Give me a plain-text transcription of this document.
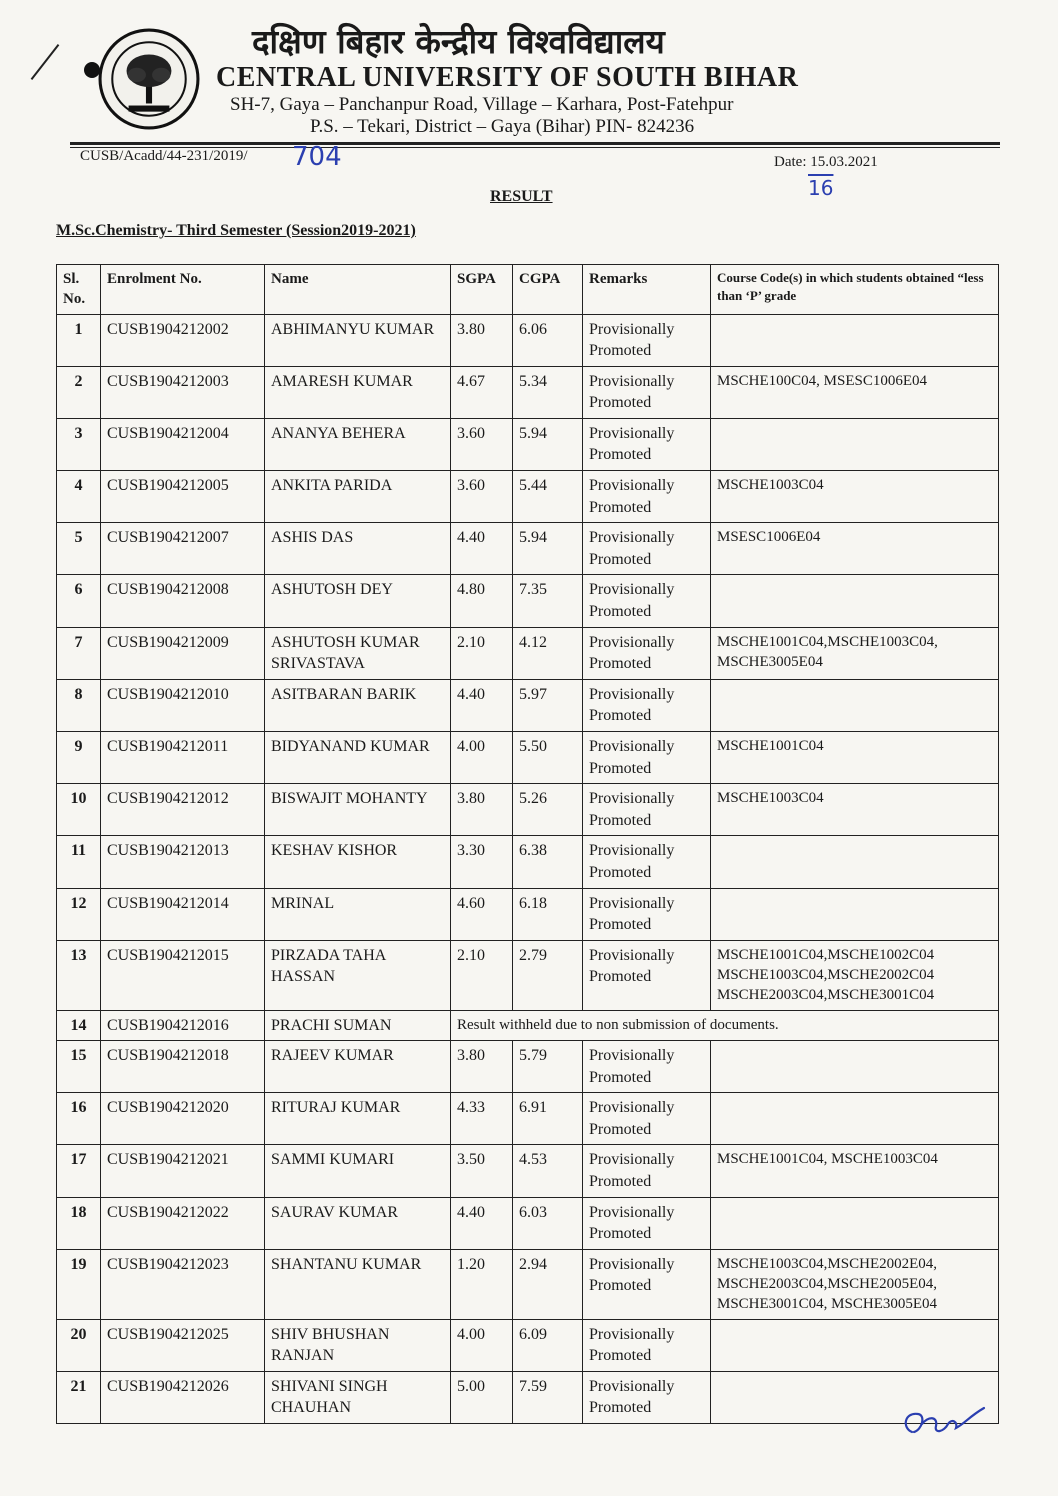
दक्षिण बिहार केन्द्रीय विश्वविद्यालय
CENTRAL UNIVERSITY OF SOUTH BIHAR
SH-7, Gaya – Panchanpur Road, Village – Karhara, Post-Fatehpur
P.S. – Tekari, District – Gaya (Bihar) PIN- 824236
CUSB/Acadd/44-231/2019/ 704	Date: 15.03.2021
16
RESULT
M.Sc.Chemistry- Third Semester (Session2019-2021)
Sl. No.	Enrolment No.	Name	SGPA	CGPA	Remarks	Course Code(s) in which students obtained “less than ‘P’ grade
1	CUSB1904212002	ABHIMANYU KUMAR	3.80	6.06	Provisionally Promoted	
2	CUSB1904212003	AMARESH KUMAR	4.67	5.34	Provisionally Promoted	MSCHE100C04, MSESC1006E04
3	CUSB1904212004	ANANYA BEHERA	3.60	5.94	Provisionally Promoted	
4	CUSB1904212005	ANKITA PARIDA	3.60	5.44	Provisionally Promoted	MSCHE1003C04
5	CUSB1904212007	ASHIS DAS	4.40	5.94	Provisionally Promoted	MSESC1006E04
6	CUSB1904212008	ASHUTOSH DEY	4.80	7.35	Provisionally Promoted	
7	CUSB1904212009	ASHUTOSH KUMAR SRIVASTAVA	2.10	4.12	Provisionally Promoted	MSCHE1001C04,MSCHE1003C04, MSCHE3005E04
8	CUSB1904212010	ASITBARAN BARIK	4.40	5.97	Provisionally Promoted	
9	CUSB1904212011	BIDYANAND KUMAR	4.00	5.50	Provisionally Promoted	MSCHE1001C04
10	CUSB1904212012	BISWAJIT MOHANTY	3.80	5.26	Provisionally Promoted	MSCHE1003C04
11	CUSB1904212013	KESHAV KISHOR	3.30	6.38	Provisionally Promoted	
12	CUSB1904212014	MRINAL	4.60	6.18	Provisionally Promoted	
13	CUSB1904212015	PIRZADA TAHA HASSAN	2.10	2.79	Provisionally Promoted	MSCHE1001C04,MSCHE1002C04 MSCHE1003C04,MSCHE2002C04 MSCHE2003C04,MSCHE3001C04
14	CUSB1904212016	PRACHI SUMAN	Result withheld due to non submission of documents.			
15	CUSB1904212018	RAJEEV KUMAR	3.80	5.79	Provisionally Promoted	
16	CUSB1904212020	RITURAJ KUMAR	4.33	6.91	Provisionally Promoted	
17	CUSB1904212021	SAMMI KUMARI	3.50	4.53	Provisionally Promoted	MSCHE1001C04, MSCHE1003C04
18	CUSB1904212022	SAURAV KUMAR	4.40	6.03	Provisionally Promoted	
19	CUSB1904212023	SHANTANU KUMAR	1.20	2.94	Provisionally Promoted	MSCHE1003C04,MSCHE2002E04, MSCHE2003C04,MSCHE2005E04, MSCHE3001C04, MSCHE3005E04
20	CUSB1904212025	SHIV BHUSHAN RANJAN	4.00	6.09	Provisionally Promoted	
21	CUSB1904212026	SHIVANI SINGH CHAUHAN	5.00	7.59	Provisionally Promoted	
